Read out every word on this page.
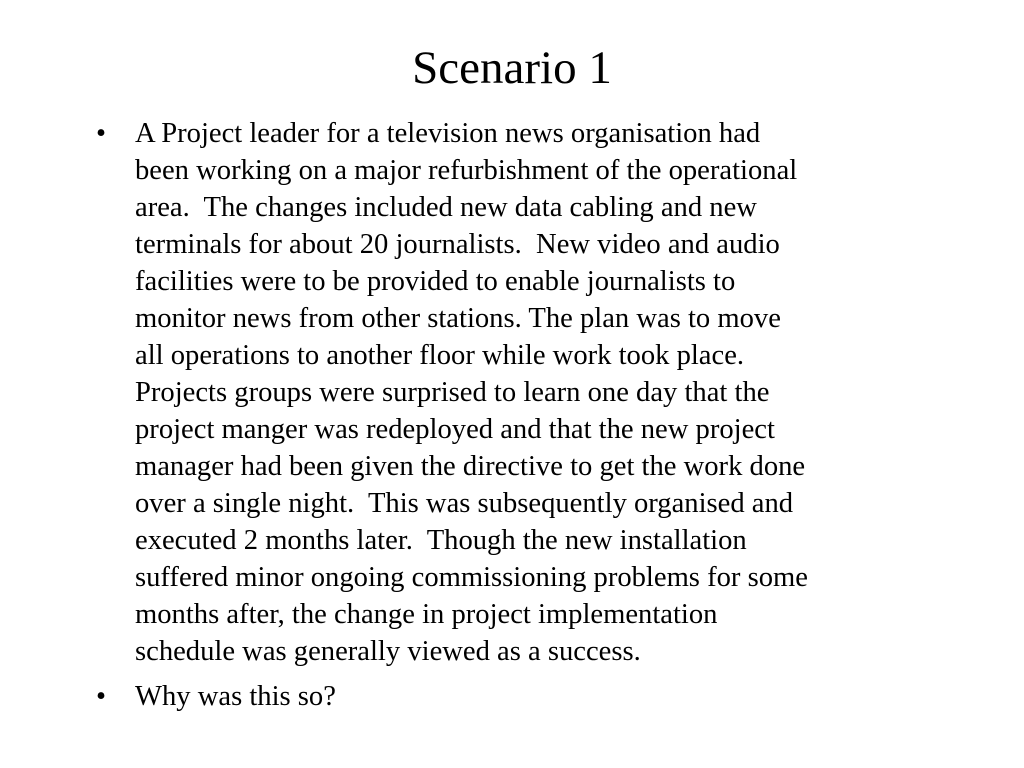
Scenario 1
•	A Project leader for a television news organisation had
been working on a major refurbishment of the operational
area.  The changes included new data cabling and new
terminals for about 20 journalists.  New video and audio
facilities were to be provided to enable journalists to
monitor news from other stations. The plan was to move
all operations to another floor while work took place.
Projects groups were surprised to learn one day that the
project manger was redeployed and that the new project
manager had been given the directive to get the work done
over a single night.  This was subsequently organised and
executed 2 months later.  Though the new installation
suffered minor ongoing commissioning problems for some
months after, the change in project implementation
schedule was generally viewed as a success.
•	Why was this so?
